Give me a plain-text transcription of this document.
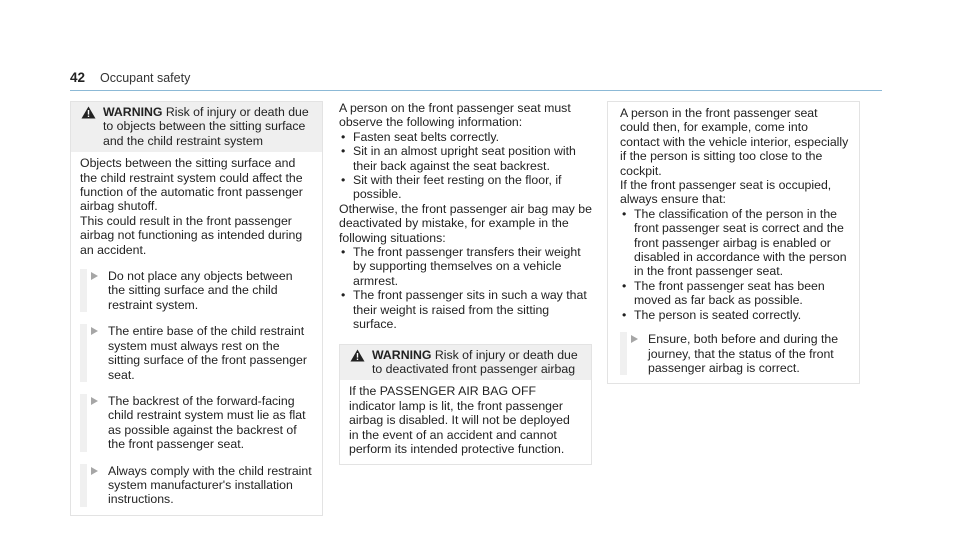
42 Occupant safety
WARNING Risk of injury or death due to objects between the sitting surface and the child restraint system

Objects between the sitting surface and the child restraint system could affect the function of the automatic front passenger airbag shutoff.

This could result in the front passenger airbag not functioning as intended during an accident.

Do not place any objects between the sitting surface and the child restraint system.
The entire base of the child restraint system must always rest on the sitting surface of the front passenger seat.
The backrest of the forward-facing child restraint system must lie as flat as possible against the backrest of the front passenger seat.
Always comply with the child restraint system manufacturer's installation instructions.

A person on the front passenger seat must observe the following information:

• Fasten seat belts correctly.
• Sit in an almost upright seat position with their back against the seat backrest.
• Sit with their feet resting on the floor, if possible.

Otherwise, the front passenger air bag may be deactivated by mistake, for example in the following situations:

• The front passenger transfers their weight by supporting themselves on a vehicle armrest.
• The front passenger sits in such a way that their weight is raised from the sitting surface.
WARNING Risk of injury or death due to deactivated front passenger airbag

If the PASSENGER AIR BAG OFF indicator lamp is lit, the front passenger airbag is disabled. It will not be deployed in the event of an accident and cannot perform its intended protective function.

A person in the front passenger seat could then, for example, come into contact with the vehicle interior, especially if the person is sitting too close to the cockpit.

If the front passenger seat is occupied, always ensure that:

• The classification of the person in the front passenger seat is correct and the front passenger airbag is enabled or disabled in accordance with the person in the front passenger seat.
• The front passenger seat has been moved as far back as possible.
• The person is seated correctly.
Ensure, both before and during the journey, that the status of the front passenger airbag is correct.
